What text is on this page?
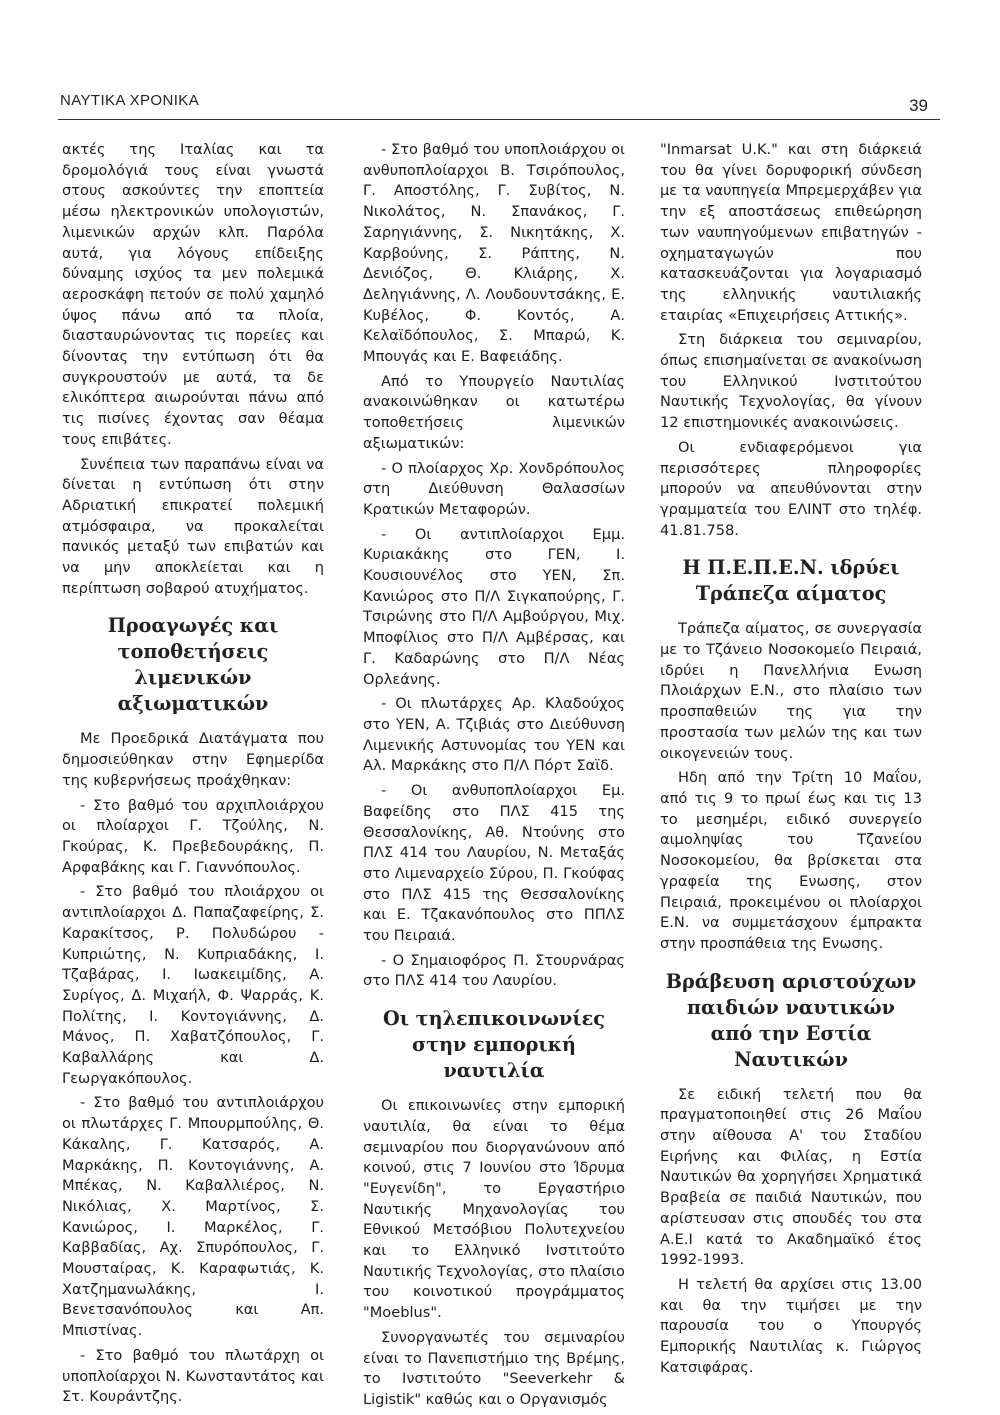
ΝΑΥΤΙΚΑ ΧΡΟΝΙΚΑ	39

ακτές της Ιταλίας και τα δρομολόγιά τους είναι γνωστά στους ασκούντες την εποπτεία μέσω ηλεκτρονικών υπολογιστών, λιμενικών αρχών κλπ. Παρόλα αυτά, για λόγους επίδειξης δύναμης ισχύος τα μεν πολεμικά αεροσκάφη πετούν σε πολύ χαμηλό ύψος πάνω από τα πλοία, διασταυρώνοντας τις πορείες και δίνοντας την εντύπωση ότι θα συγκρουστούν με αυτά, τα δε ελικόπτερα αιωρούνται πάνω από τις πισίνες έχοντας σαν θέαμα τους επιβάτες.

Συνέπεια των παραπάνω είναι να δίνεται η εντύπωση ότι στην Αδριατική επικρατεί πολεμική ατμόσφαιρα, να προκαλείται πανικός μεταξύ των επιβατών και να μην αποκλείεται και η περίπτωση σοβαρού ατυχήματος.

Προαγωγές και τοποθετήσεις λιμενικών αξιωματικών

Με Προεδρικά Διατάγματα που δημοσιεύθηκαν στην Εφημερίδα της κυβερνήσεως προάχθηκαν:

- Στο βαθμό του αρχιπλοιάρχου οι πλοίαρχοι Γ. Τζούλης, Ν. Γκούρας, Κ. Πρεβεδουράκης, Π. Αρφαβάκης και Γ. Γιαννόπουλος.

- Στο βαθμό του πλοιάρχου οι αντιπλοίαρχοι Δ. Παπαζαφείρης, Σ. Καρακίτσος, Ρ. Πολυδώρου - Κυπριώτης, Ν. Κυπριαδάκης, Ι. Τζαβάρας, Ι. Ιωακειμίδης, Α. Συρίγος, Δ. Μιχαήλ, Φ. Ψαρράς, Κ. Πολίτης, Ι. Κοντογιάννης, Δ. Μάνος, Π. Χαβατζόπουλος, Γ. Καβαλλάρης και Δ. Γεωργακόπουλος.

- Στο βαθμό του αντιπλοιάρχου οι πλωτάρχες Γ. Μπουρμπούλης, Θ. Κάκαλης, Γ. Κατσαρός, Α. Μαρκάκης, Π. Κοντογιάννης, Α. Μπέκας, Ν. Καβαλλιέρος, Ν. Νικόλιας, Χ. Μαρτίνος, Σ. Κανιώρος, Ι. Μαρκέλος, Γ. Καββαδίας, Αχ. Σπυρόπουλος, Γ. Μουσταίρας, Κ. Καραφωτιάς, Κ. Χατζημανωλάκης, Ι. Βενετσανόπουλος και Απ. Μπιστίνας.

- Στο βαθμό του πλωτάρχη οι υποπλοίαρχοι Ν. Κωνσταντάτος και Στ. Κουράντζης.

- Στο βαθμό του υποπλοιάρχου οι ανθυποπλοίαρχοι Β. Τσιρόπουλος, Γ. Αποστόλης, Γ. Συβίτος, Ν. Νικολάτος, Ν. Σπανάκος, Γ. Σαρηγιάννης, Σ. Νικητάκης, Χ. Καρβούνης, Σ. Ράπτης, Ν. Δενιόζος, Θ. Κλιάρης, Χ. Δεληγιάννης, Λ. Λουδουντσάκης, Ε. Κυβέλος, Φ. Κοντός, Α. Κελαϊδόπουλος, Σ. Μπαρώ, Κ. Μπουγάς και Ε. Βαφειάδης.

Από το Υπουργείο Ναυτιλίας ανακοινώθηκαν οι κατωτέρω τοποθετήσεις λιμενικών αξιωματικών:

- Ο πλοίαρχος Χρ. Χονδρόπουλος στη Διεύθυνση Θαλασσίων Κρατικών Μεταφορών.

- Οι αντιπλοίαρχοι Εμμ. Κυριακάκης στο ΓΕΝ, Ι. Κουσιουνέλος στο ΥΕΝ, Σπ. Κανιώρος στο Π/Λ Σιγκαπούρης, Γ. Τσιρώνης στο Π/Λ Αμβούργου, Μιχ. Μποφίλιος στο Π/Λ Αμβέρσας, και Γ. Καδαρώνης στο Π/Λ Νέας Ορλεάνης.

- Οι πλωτάρχες Αρ. Κλαδούχος στο ΥΕΝ, Α. Τζιβιάς στο Διεύθυνση Λιμενικής Αστυνομίας του ΥΕΝ και Αλ. Μαρκάκης στο Π/Λ Πόρτ Σαϊδ.

- Οι ανθυποπλοίαρχοι Εμ. Βαφείδης στο ΠΛΣ 415 της Θεσσαλονίκης, Αθ. Ντούνης στο ΠΛΣ 414 του Λαυρίου, Ν. Μεταξάς στο Λιμεναρχείο Σύρου, Π. Γκούφας στο ΠΛΣ 415 της Θεσσαλονίκης και Ε. Τζακανόπουλος στο ΠΠΛΣ του Πειραιά.

- Ο Σημαιοφόρος Π. Στουρνάρας στο ΠΛΣ 414 του Λαυρίου.

Οι τηλεπικοινωνίες στην εμπορική ναυτιλία

Οι επικοινωνίες στην εμπορική ναυτιλία, θα είναι το θέμα σεμιναρίου που διοργανώνουν από κοινού, στις 7 Ιουνίου στο Ίδρυμα "Ευγενίδη", το Εργαστήριο Ναυτικής Μηχανολογίας του Εθνικού Μετσόβιου Πολυτεχνείου και το Ελληνικό Ινστιτούτο Ναυτικής Τεχνολογίας, στο πλαίσιο του κοινοτικού προγράμματος "Moeblus".

Συνοργανωτές του σεμιναρίου είναι το Πανεπιστήμιο της Βρέμης, το Ινστιτούτο "Seeverkehr & Ligistik" καθώς και ο Οργανισμός

"Inmarsat U.K." και στη διάρκειά του θα γίνει δορυφορική σύνδεση με τα ναυπηγεία Μπρεμερχάβεν για την εξ αποστάσεως επιθεώρηση των ναυπηγούμενων επιβατηγών - οχηματαγωγών που κατασκευάζονται για λογαριασμό της ελληνικής ναυτιλιακής εταιρίας «Επιχειρήσεις Αττικής».

Στη διάρκεια του σεμιναρίου, όπως επισημαίνεται σε ανακοίνωση του Ελληνικού Ινστιτούτου Ναυτικής Τεχνολογίας, θα γίνουν 12 επιστημονικές ανακοινώσεις.

Οι ενδιαφερόμενοι για περισσότερες πληροφορίες μπορούν να απευθύνονται στην γραμματεία του ΕΛΙΝΤ στο τηλέφ. 41.81.758.

Η Π.Ε.Π.Ε.Ν. ιδρύει Τράπεζα αίματος

Τράπεζα αίματος, σε συνεργασία με το Τζάνειο Νοσοκομείο Πειραιά, ιδρύει η Πανελλήνια Ενωση Πλοιάρχων Ε.Ν., στο πλαίσιο των προσπαθειών της για την προστασία των μελών της και των οικογενειών τους.

Ηδη από την Τρίτη 10 Μαΐου, από τις 9 το πρωί έως και τις 13 το μεσημέρι, ειδικό συνεργείο αιμοληψίας του Τζανείου Νοσοκομείου, θα βρίσκεται στα γραφεία της Ενωσης, στον Πειραιά, προκειμένου οι πλοίαρχοι Ε.Ν. να συμμετάσχουν έμπρακτα στην προσπάθεια της Ενωσης.

Βράβευση αριστούχων παιδιών ναυτικών από την Εστία Ναυτικών

Σε ειδική τελετή που θα πραγματοποιηθεί στις 26 Μαΐου στην αίθουσα Α' του Σταδίου Ειρήνης και Φιλίας, η Εστία Ναυτικών θα χορηγήσει Χρηματικά Βραβεία σε παιδιά Ναυτικών, που αρίστευσαν στις σπουδές του στα Α.Ε.Ι κατά το Ακαδημαϊκό έτος 1992-1993.

Η τελετή θα αρχίσει στις 13.00 και θα την τιμήσει με την παρουσία του ο Υπουργός Εμπορικής Ναυτιλίας κ. Γιώργος Κατσιφάρας.
